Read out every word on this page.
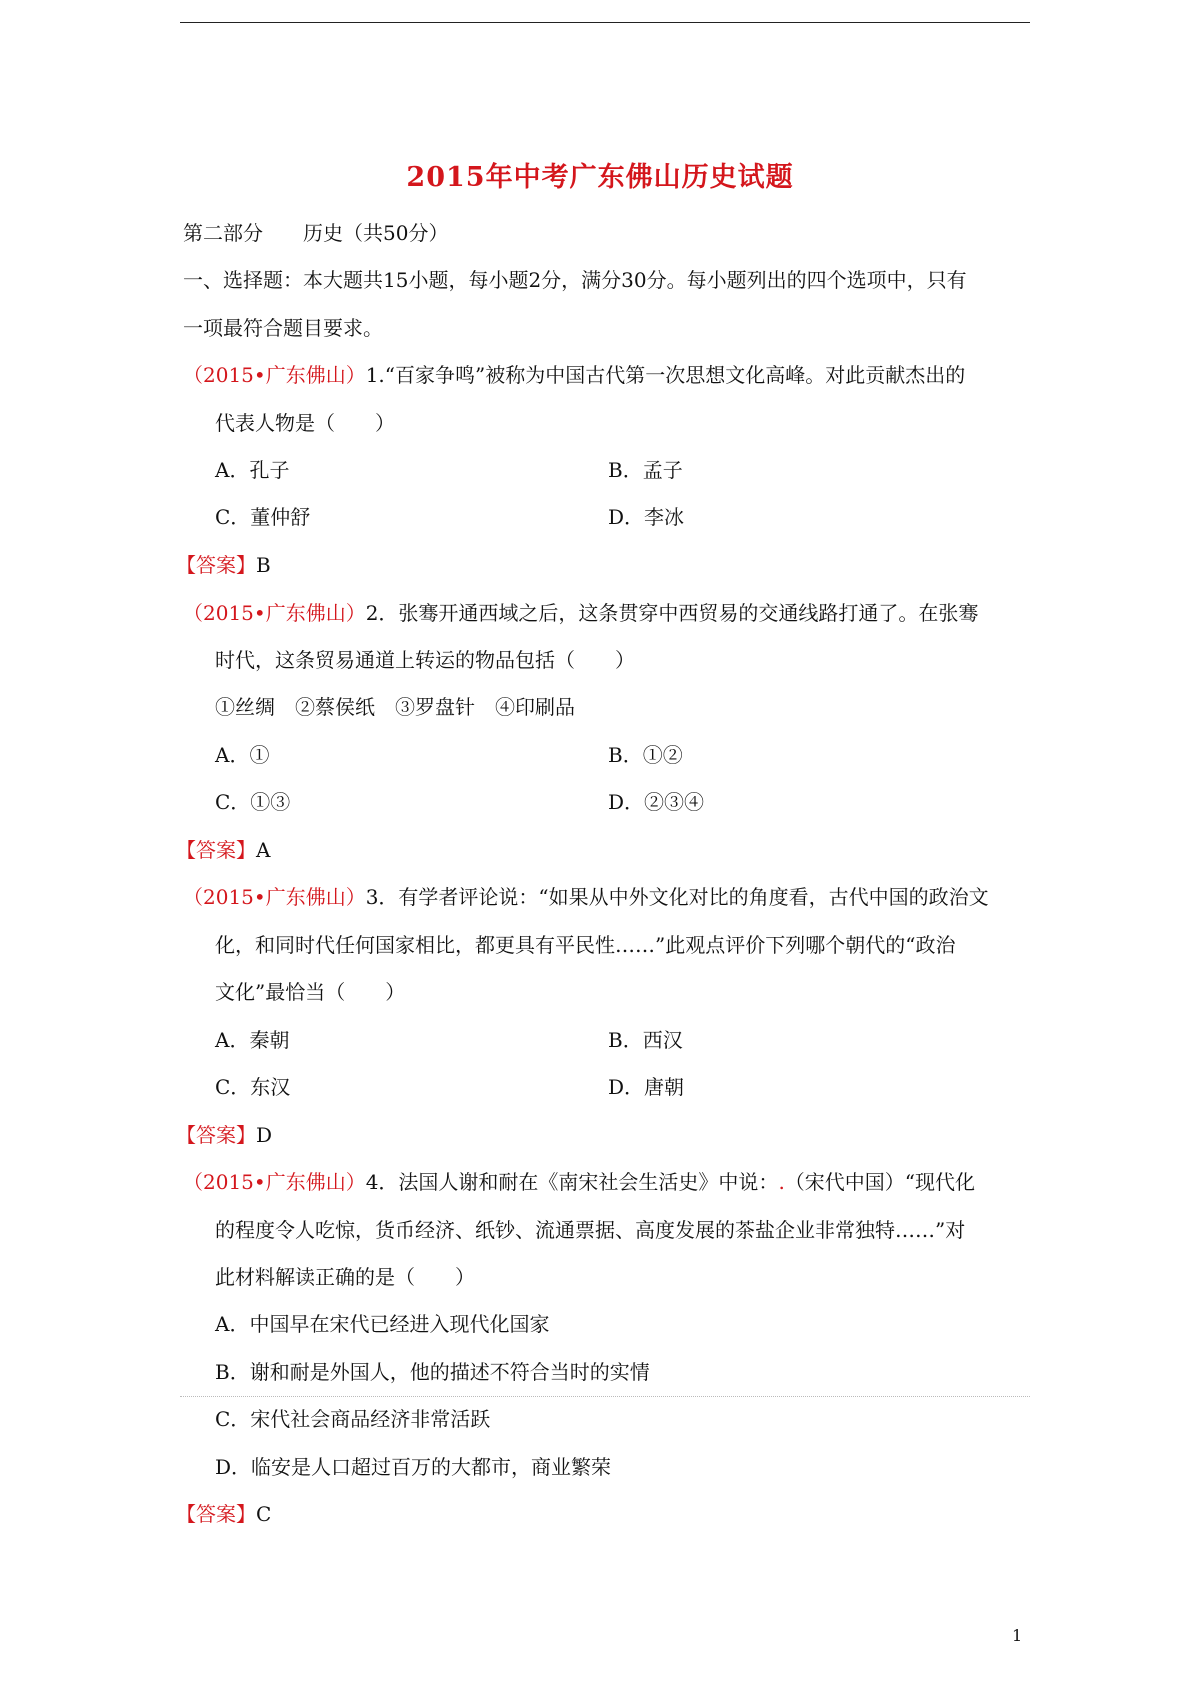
2015年中考广东佛山历史试题
第二部分　　历史（共50分）
一、选择题：本大题共15小题，每小题2分，满分30分。每小题列出的四个选项中，只有
一项最符合题目要求。
（2015•广东佛山）1.“百家争鸣”被称为中国古代第一次思想文化高峰。对此贡献杰出的
代表人物是（　　）
A．孔子	B．孟子
C．董仲舒	D．李冰
【答案】B
（2015•广东佛山）2．张骞开通西域之后，这条贯穿中西贸易的交通线路打通了。在张骞
时代，这条贸易通道上转运的物品包括（　　）
①丝绸　②蔡侯纸　③罗盘针　④印刷品
A．①	B．①②
C．①③	D．②③④
【答案】A
（2015•广东佛山）3．有学者评论说：“如果从中外文化对比的角度看，古代中国的政治文
化，和同时代任何国家相比，都更具有平民性……”此观点评价下列哪个朝代的“政治
文化”最恰当（　　）
A．秦朝	B．西汉
C．东汉	D．唐朝
【答案】D
（2015•广东佛山）4．法国人谢和耐在《南宋社会生活史》中说：.（宋代中国）“现代化
的程度令人吃惊，货币经济、纸钞、流通票据、高度发展的茶盐企业非常独特……”对
此材料解读正确的是（　　）
A．中国早在宋代已经进入现代化国家
B．谢和耐是外国人，他的描述不符合当时的实情
C．宋代社会商品经济非常活跃
D．临安是人口超过百万的大都市，商业繁荣
【答案】C
1
